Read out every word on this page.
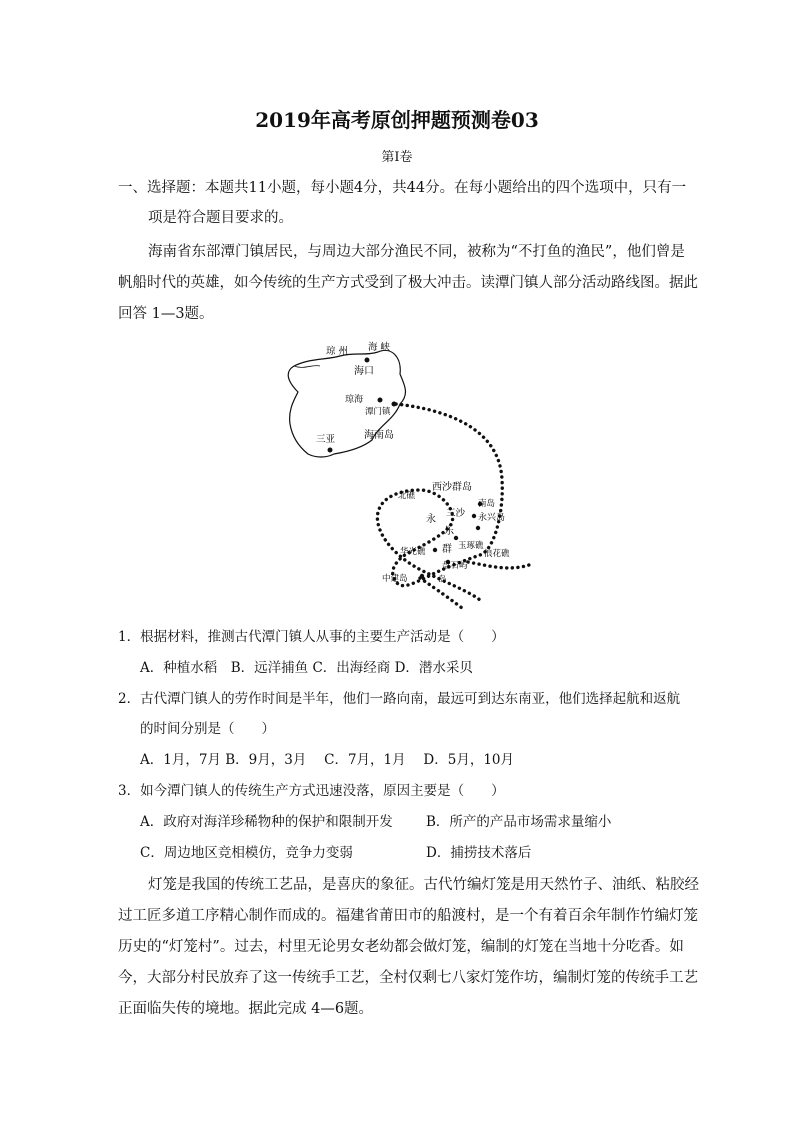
2019年高考原创押题预测卷03
第Ⅰ卷
一、选择题：本题共11小题，每小题4分，共44分。在每小题给出的四个选项中，只有一
项是符合题目要求的。
海南省东部潭门镇居民，与周边大部分渔民不同，被称为“不打鱼的渔民”，他们曾是
帆船时代的英雄，如今传统的生产方式受到了极大冲击。读潭门镇人部分活动路线图。据此
回答 1—3题。
琼 州 海 峡
海口
琼海
潭门镇
三亚	海南岛
西沙群岛
北礁
南岛
永
三沙 永兴岛
乐
玉琢礁
华光礁 群	浪花礁
盘石屿
中建岛	岛
1．根据材料，推测古代潭门镇人从事的主要生产活动是（　　）
A．种植水稻　B．远洋捕鱼 C．出海经商 D．潜水采贝
2．古代潭门镇人的劳作时间是半年，他们一路向南，最远可到达东南亚，他们选择起航和返航
的时间分别是（　　）
A．1月，7月 B．9月，3月　 C．7月，1月　 D．5月，10月
3．如今潭门镇人的传统生产方式迅速没落，原因主要是（　　）
A．政府对海洋珍稀物种的保护和限制开发 B．所产的产品市场需求量缩小
C．周边地区竞相模仿，竞争力变弱	D．捕捞技术落后
灯笼是我国的传统工艺品，是喜庆的象征。古代竹编灯笼是用天然竹子、油纸、粘胶经
过工匠多道工序精心制作而成的。福建省莆田市的船渡村，是一个有着百余年制作竹编灯笼
历史的“灯笼村”。过去，村里无论男女老幼都会做灯笼，编制的灯笼在当地十分吃香。如
今，大部分村民放弃了这一传统手工艺，全村仅剩七八家灯笼作坊，编制灯笼的传统手工艺
正面临失传的境地。据此完成 4—6题。
